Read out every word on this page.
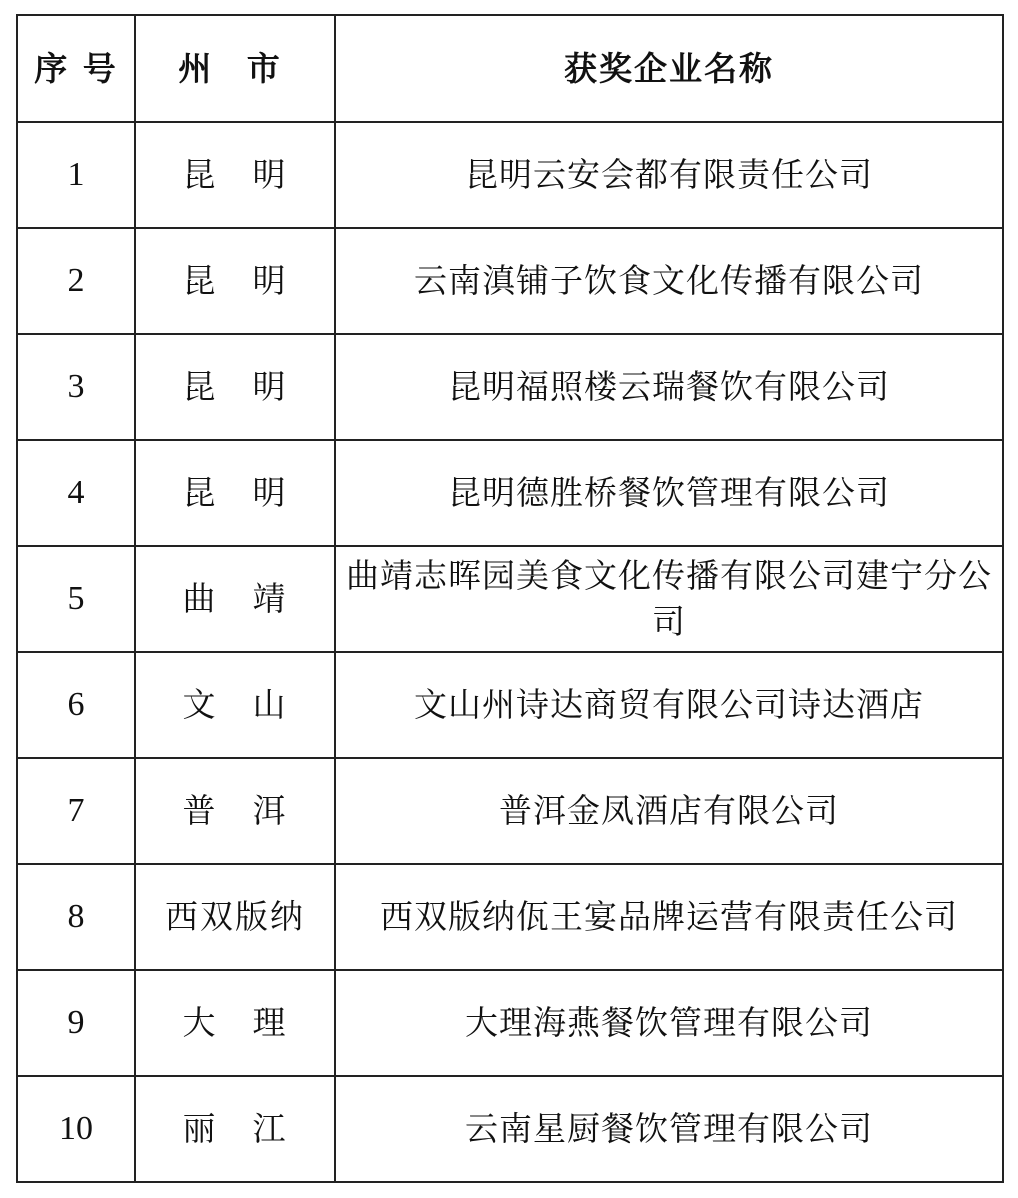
序 号	州 市	获奖企业名称
1	昆　明	昆明云安会都有限责任公司
2	昆　明	云南滇铺子饮食文化传播有限公司
3	昆　明	昆明福照楼云瑞餐饮有限公司
4	昆　明	昆明德胜桥餐饮管理有限公司
5	曲　靖	曲靖志晖园美食文化传播有限公司建宁分公司
6	文　山	文山州诗达商贸有限公司诗达酒店
7	普　洱	普洱金凤酒店有限公司
8	西双版纳	西双版纳佤王宴品牌运营有限责任公司
9	大　理	大理海燕餐饮管理有限公司
10	丽　江	云南星厨餐饮管理有限公司
